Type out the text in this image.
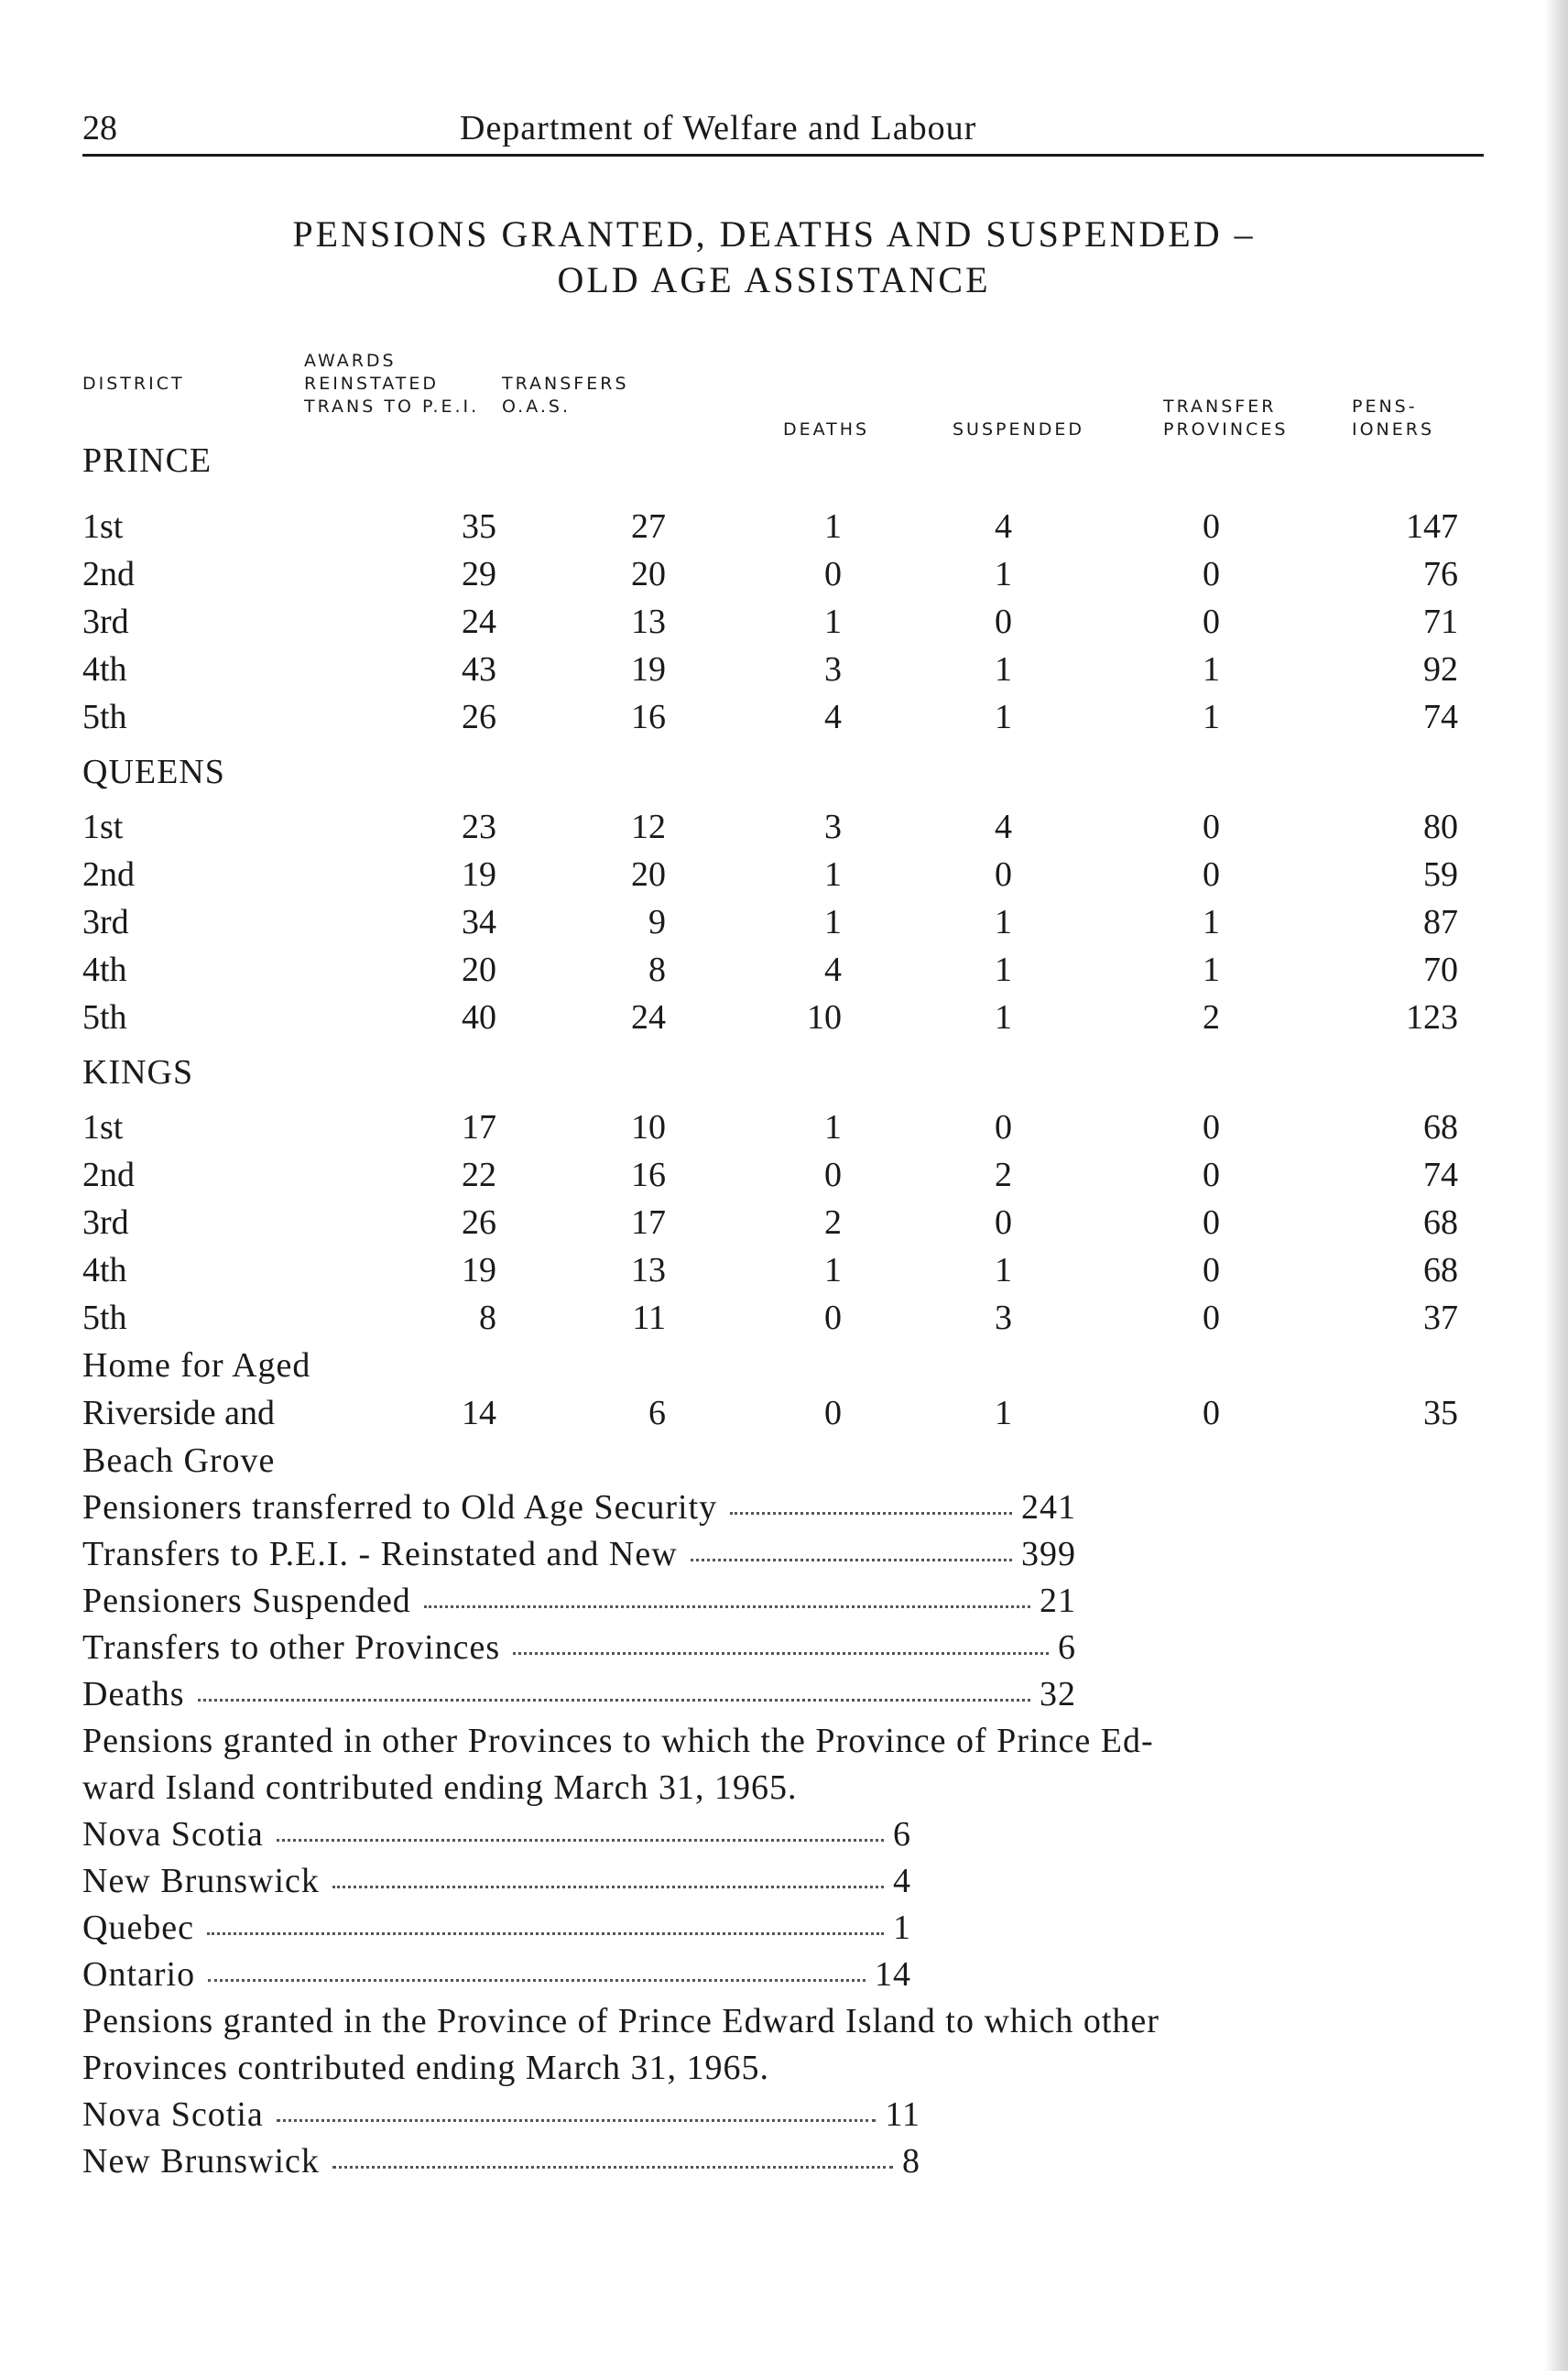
28	Department of Welfare and Labour
PENSIONS GRANTED, DEATHS AND SUSPENDED –
OLD AGE ASSISTANCE
DISTRICT
AWARDS
REINSTATED
TRANS TO P.E.I.
TRANSFERS
O.A.S.
DEATHS	SUSPENDED
TRANSFER
PROVINCES
PENS-
IONERS
PRINCE
1st	35	27	1	4	0	147
2nd	29	20	0	1	0	76
3rd	24	13	1	0	0	71
4th	43	19	3	1	1	92
5th	26	16	4	1	1	74
QUEENS
1st	23	12	3	4	0	80
2nd	19	20	1	0	0	59
3rd	34	9	1	1	1	87
4th	20	8	4	1	1	70
5th	40	24	10	1	2	123
KINGS
1st	17	10	1	0	0	68
2nd	22	16	0	2	0	74
3rd	26	17	2	0	0	68
4th	19	13	1	1	0	68
5th	8	11	0	3	0	37
Home for Aged
Riverside and	14	6	0	1	0	35
Beach Grove
Pensioners transferred to Old Age Security	241
Transfers to P.E.I. - Reinstated and New	399
Pensioners Suspended	21
Transfers to other Provinces	6
Deaths	32
Pensions granted in other Provinces to which the Province of Prince Ed-
ward Island contributed ending March 31, 1965.
Nova Scotia	6
New Brunswick	4
Quebec	1
Ontario	14
Pensions granted in the Province of Prince Edward Island to which other
Provinces contributed ending March 31, 1965.
Nova Scotia	11
New Brunswick	8
